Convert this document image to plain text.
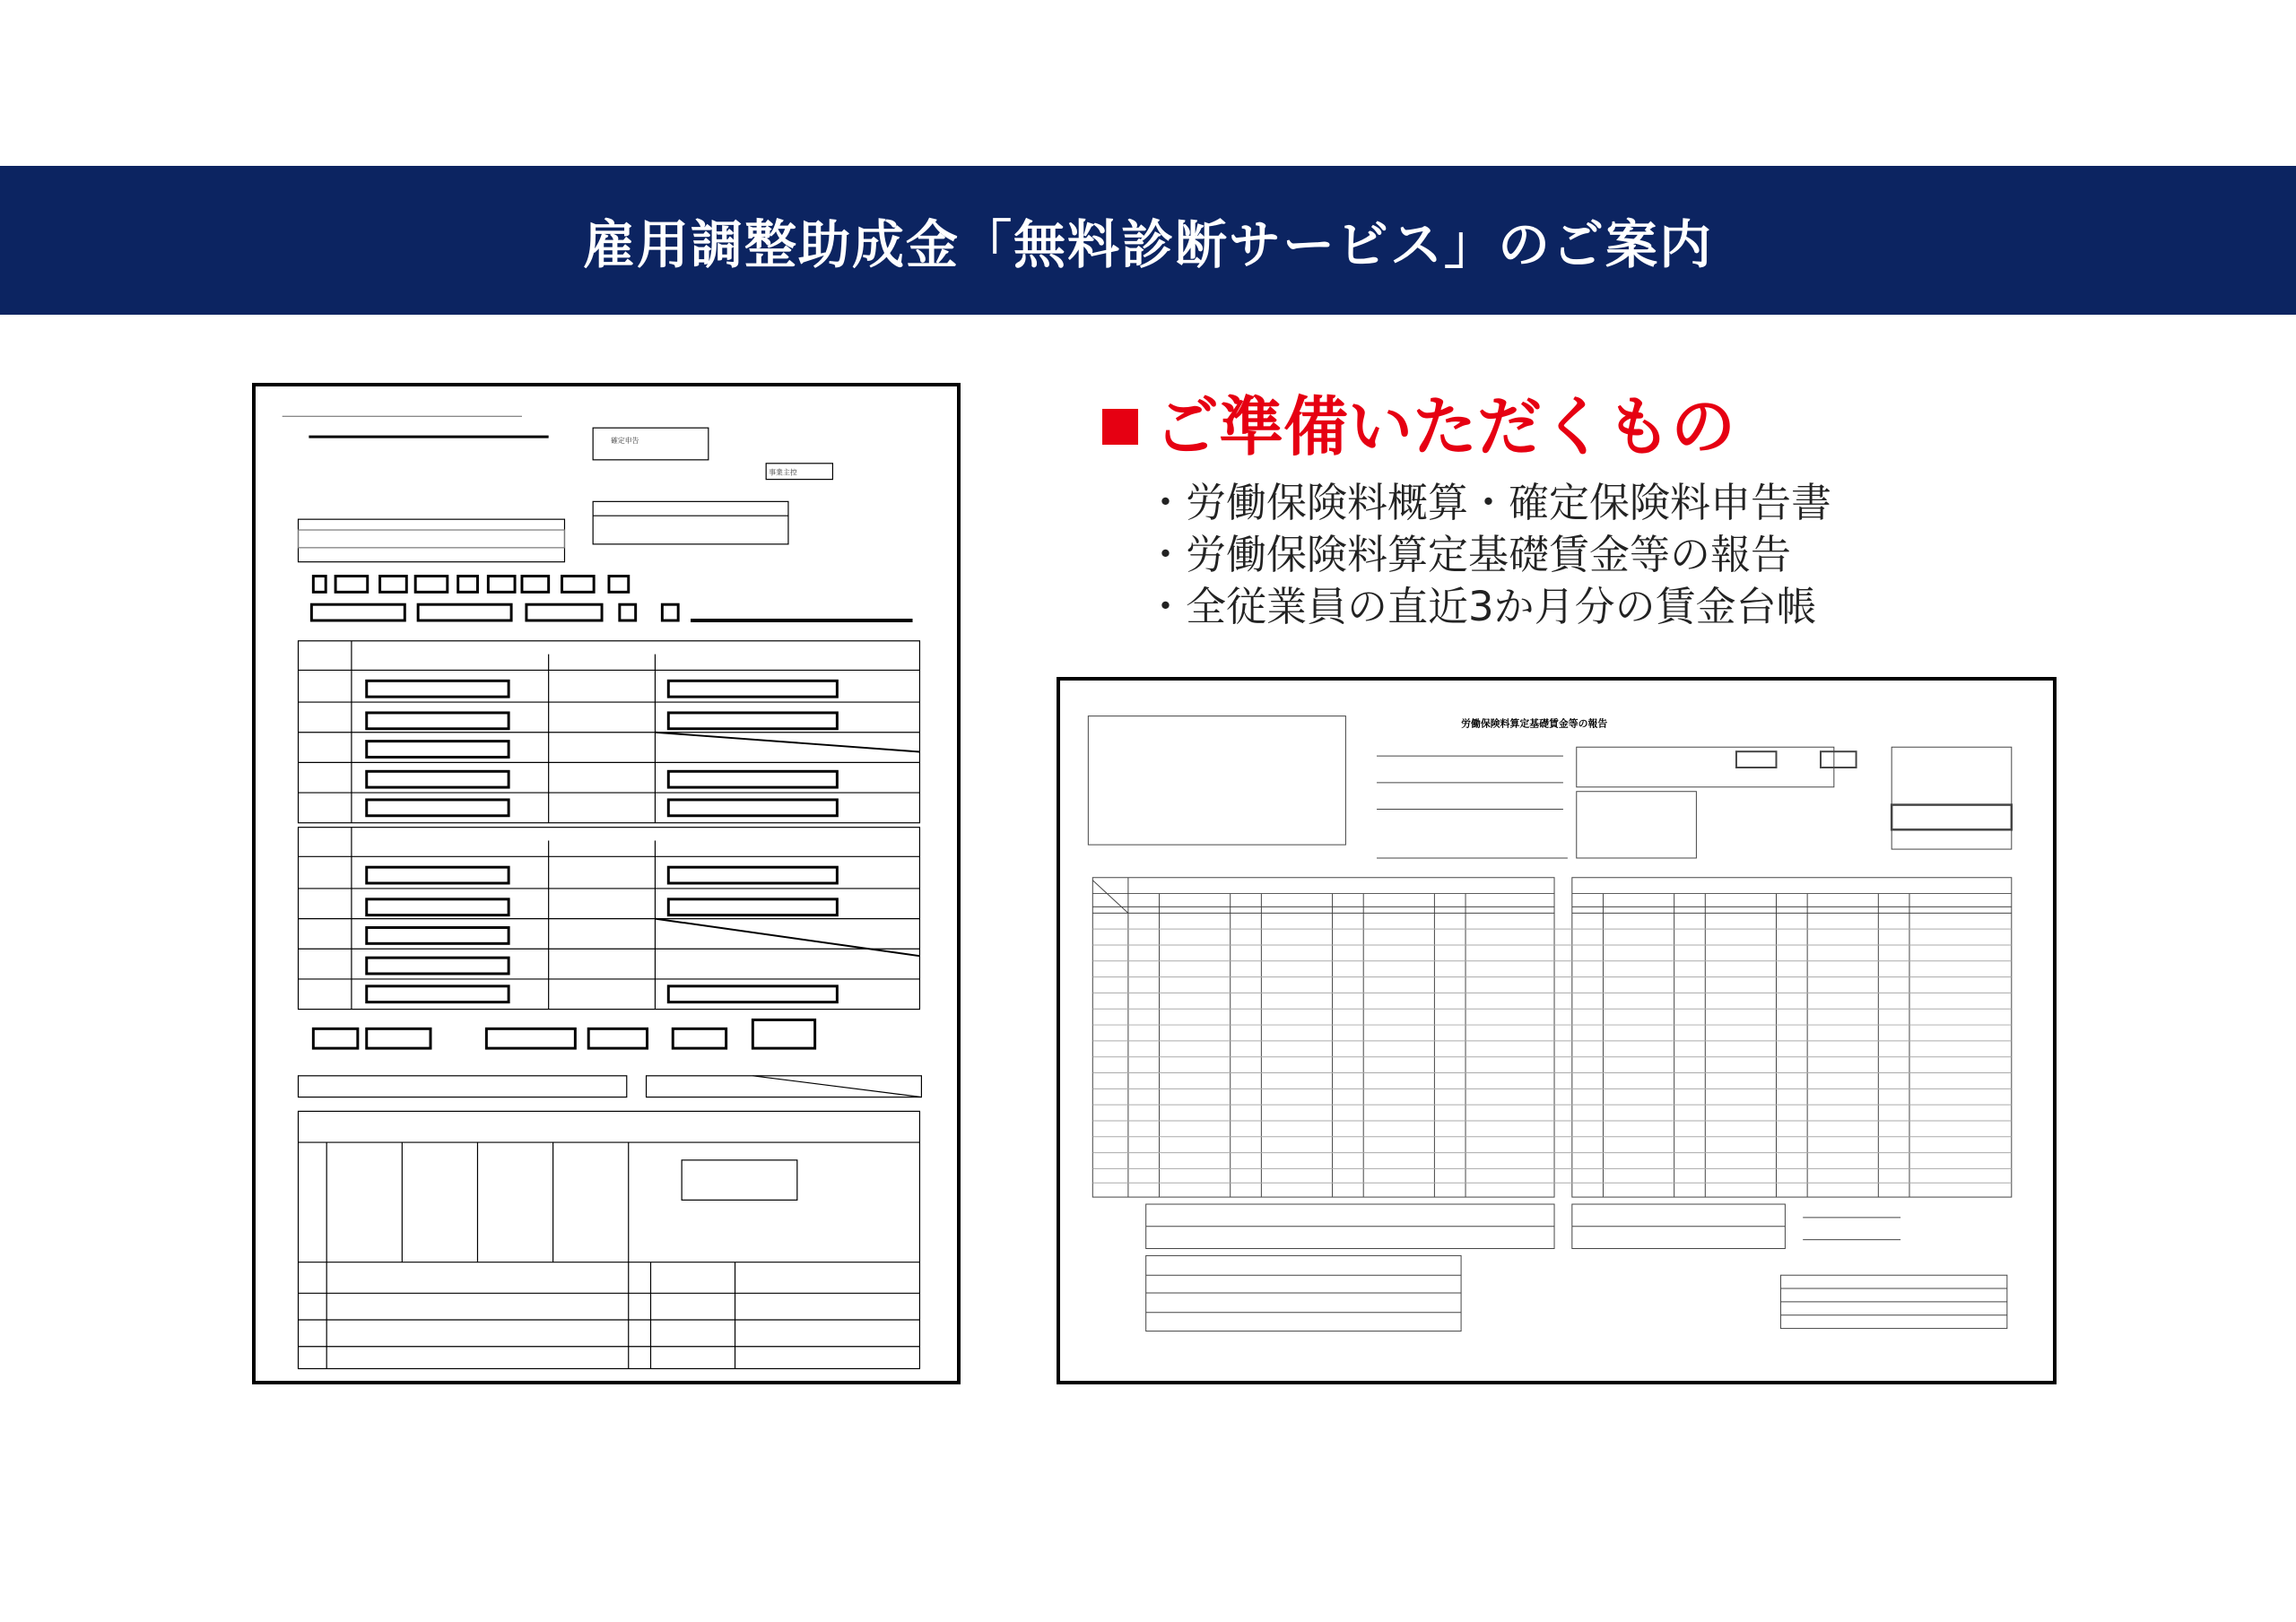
雇用調整助成金「無料診断サービス」のご案内
確定申告
事業主控
労働保険料算定基礎賃金等の報告
ご準備いただくもの
・ 労働保険料概算・確定保険料申告書
・ 労働保険料算定基礎賃金等の報告
・ 全従業員の直近3か月分の賃金台帳
